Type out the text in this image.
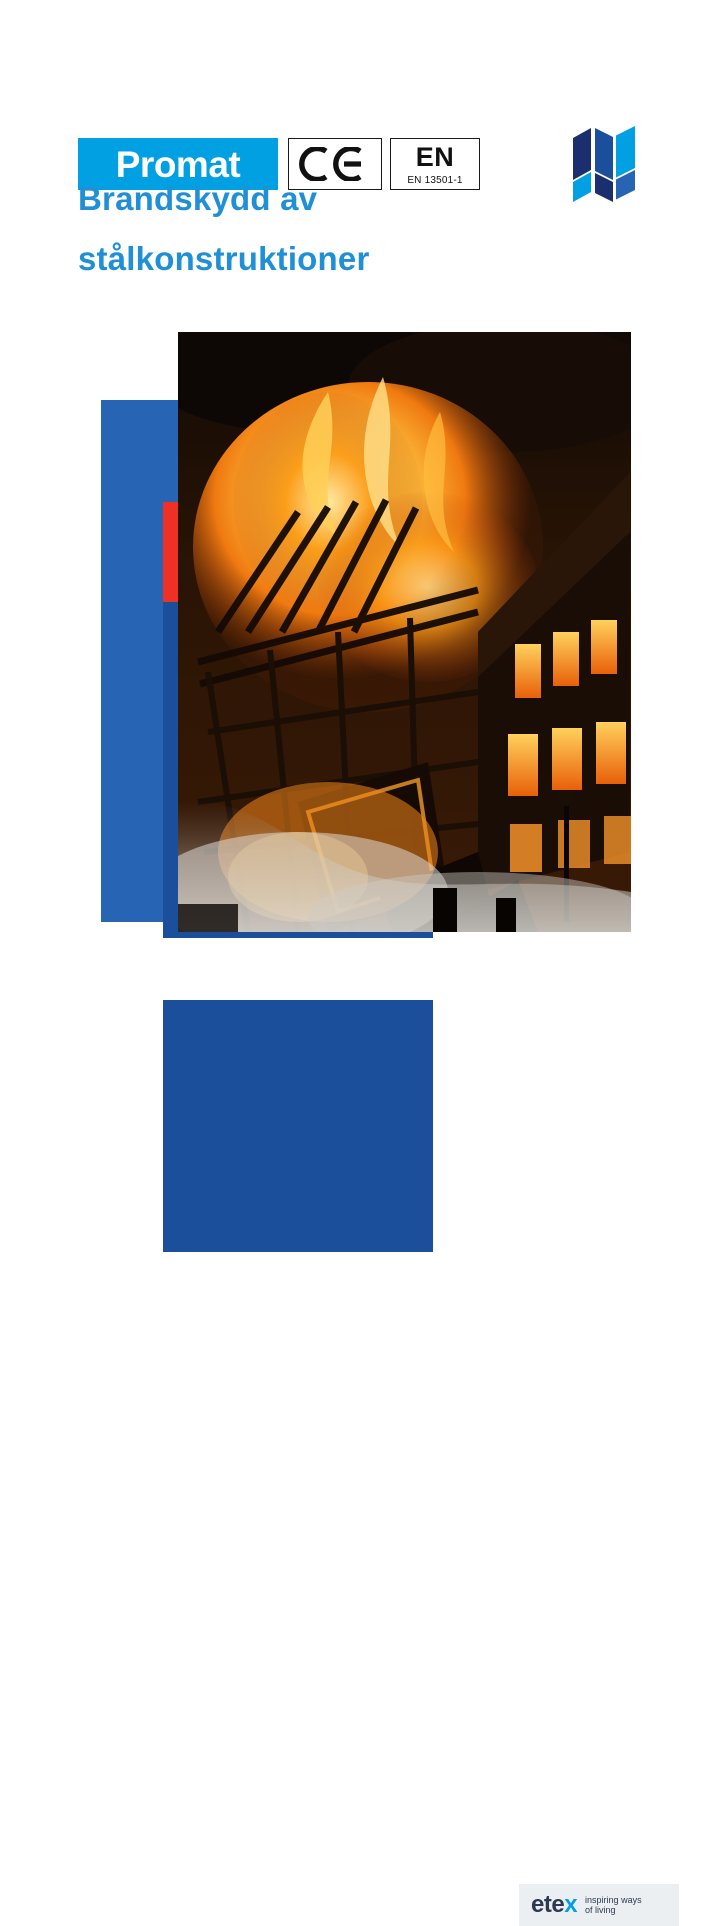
Promat	EN
EN 13501-1
Brandskydd av
stålkonstruktioner
etex inspiring ways
of living
